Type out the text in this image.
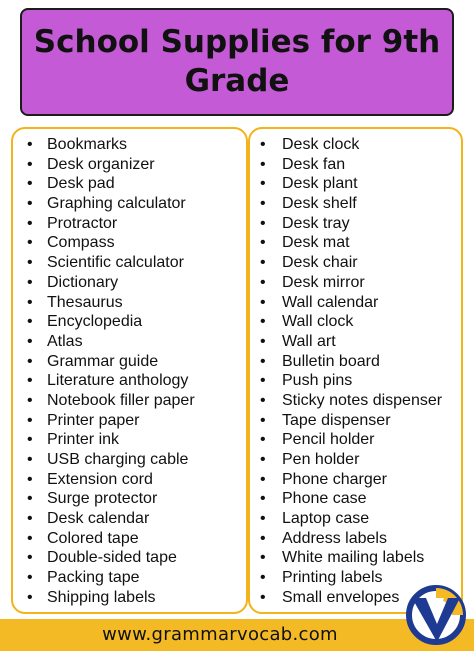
School Supplies for 9th Grade
• Bookmarks
• Desk organizer
• Desk pad
• Graphing calculator
• Protractor
• Compass
• Scientific calculator
• Dictionary
• Thesaurus
• Encyclopedia
• Atlas
• Grammar guide
• Literature anthology
• Notebook filler paper
• Printer paper
• Printer ink
• USB charging cable
• Extension cord
• Surge protector
• Desk calendar
• Colored tape
• Double-sided tape
• Packing tape
• Shipping labels
• Desk clock
• Desk fan
• Desk plant
• Desk shelf
• Desk tray
• Desk mat
• Desk chair
• Desk mirror
• Wall calendar
• Wall clock
• Wall art
• Bulletin board
• Push pins
• Sticky notes dispenser
• Tape dispenser
• Pencil holder
• Pen holder
• Phone charger
• Phone case
• Laptop case
• Address labels
• White mailing labels
• Printing labels
• Small envelopes
www.grammarvocab.com
